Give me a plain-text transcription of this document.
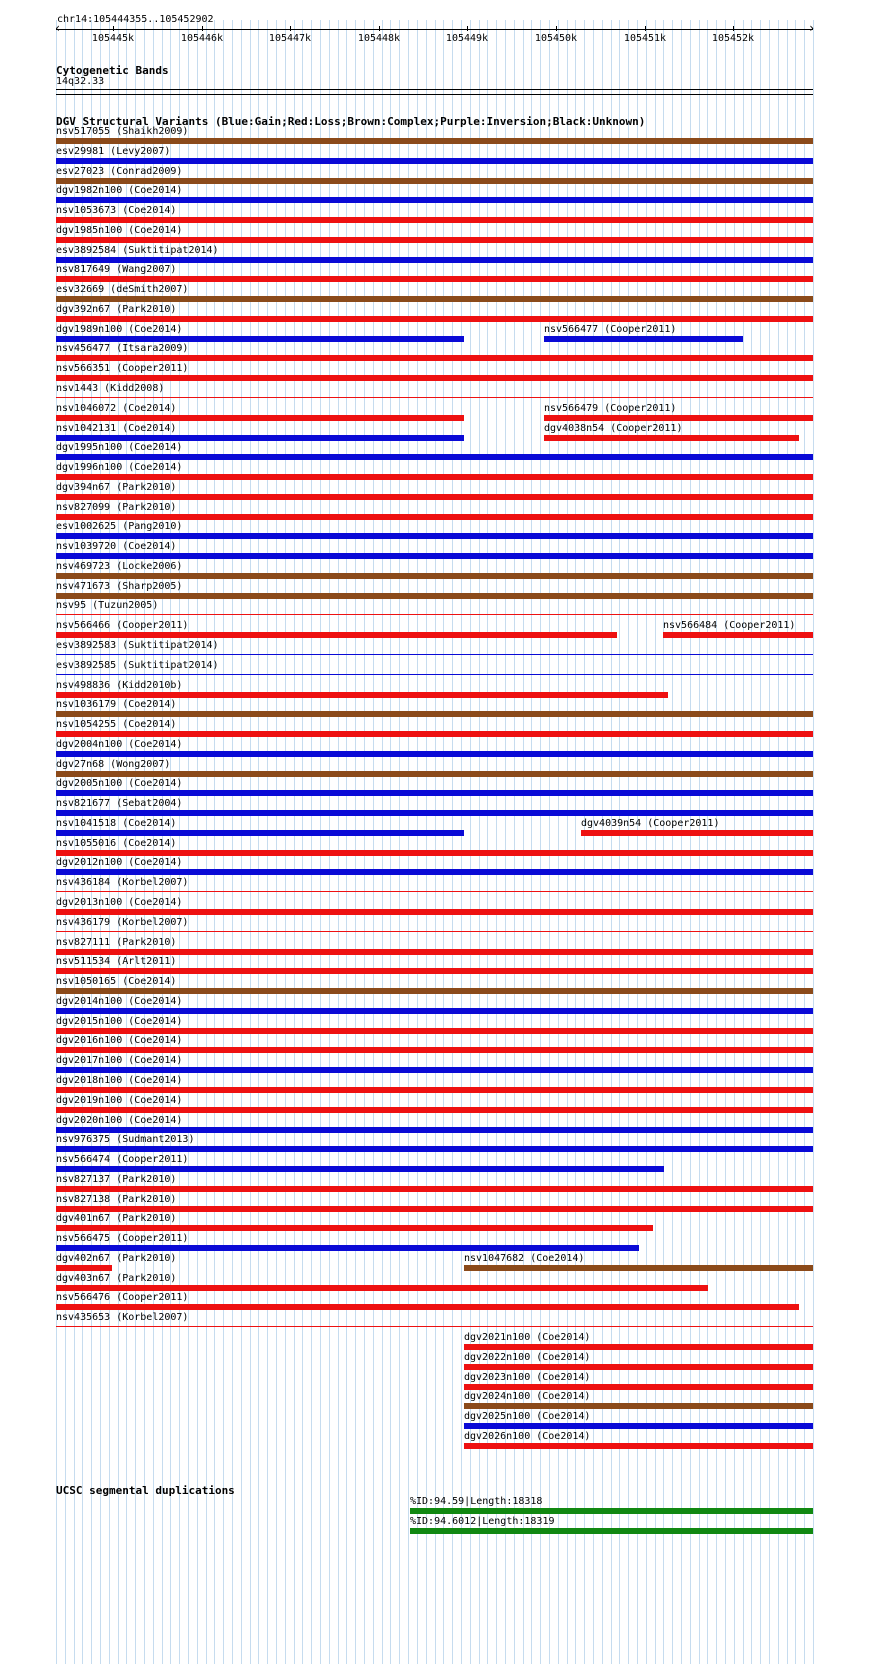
chr14:105444355..105452902
‹	›
105445k	105446k	105447k	105448k	105449k	105450k	105451k	105452k
Cytogenetic Bands
14q32.33
DGV Structural Variants (Blue:Gain;Red:Loss;Brown:Complex;Purple:Inversion;Black:Unknown)
nsv517055 (Shaikh2009)
esv29981 (Levy2007)
esv27023 (Conrad2009)
dgv1982n100 (Coe2014)
nsv1053673 (Coe2014)
dgv1985n100 (Coe2014)
esv3892584 (Suktitipat2014)
nsv817649 (Wang2007)
esv32669 (deSmith2007)
dgv392n67 (Park2010)
dgv1989n100 (Coe2014)	nsv566477 (Cooper2011)
nsv456477 (Itsara2009)
nsv566351 (Cooper2011)
nsv1443 (Kidd2008)
nsv1046072 (Coe2014)	nsv566479 (Cooper2011)
nsv1042131 (Coe2014)	dgv4038n54 (Cooper2011)
dgv1995n100 (Coe2014)
dgv1996n100 (Coe2014)
dgv394n67 (Park2010)
nsv827099 (Park2010)
esv1002625 (Pang2010)
nsv1039720 (Coe2014)
nsv469723 (Locke2006)
nsv471673 (Sharp2005)
nsv95 (Tuzun2005)
nsv566466 (Cooper2011)	nsv566484 (Cooper2011)
esv3892583 (Suktitipat2014)
esv3892585 (Suktitipat2014)
nsv498836 (Kidd2010b)
nsv1036179 (Coe2014)
nsv1054255 (Coe2014)
dgv2004n100 (Coe2014)
dgv27n68 (Wong2007)
dgv2005n100 (Coe2014)
nsv821677 (Sebat2004)
nsv1041518 (Coe2014)	dgv4039n54 (Cooper2011)
nsv1055016 (Coe2014)
dgv2012n100 (Coe2014)
nsv436184 (Korbel2007)
dgv2013n100 (Coe2014)
nsv436179 (Korbel2007)
nsv827111 (Park2010)
nsv511534 (Arlt2011)
nsv1050165 (Coe2014)
dgv2014n100 (Coe2014)
dgv2015n100 (Coe2014)
dgv2016n100 (Coe2014)
dgv2017n100 (Coe2014)
dgv2018n100 (Coe2014)
dgv2019n100 (Coe2014)
dgv2020n100 (Coe2014)
nsv976375 (Sudmant2013)
nsv566474 (Cooper2011)
nsv827137 (Park2010)
nsv827138 (Park2010)
dgv401n67 (Park2010)
nsv566475 (Cooper2011)
dgv402n67 (Park2010)	nsv1047682 (Coe2014)
dgv403n67 (Park2010)
nsv566476 (Cooper2011)
nsv435653 (Korbel2007)
dgv2021n100 (Coe2014)
dgv2022n100 (Coe2014)
dgv2023n100 (Coe2014)
dgv2024n100 (Coe2014)
dgv2025n100 (Coe2014)
dgv2026n100 (Coe2014)
UCSC segmental duplications
%ID:94.59|Length:18318
%ID:94.6012|Length:18319
